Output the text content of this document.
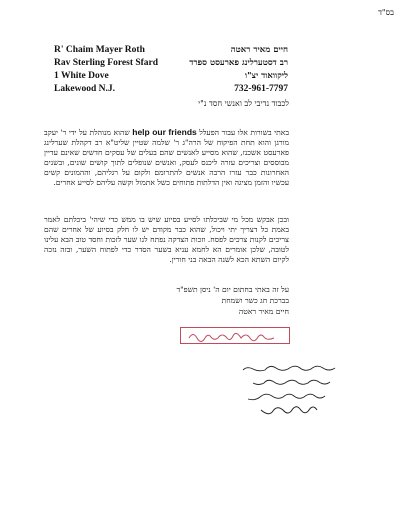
בס"ד
R' Chaim Mayer Roth
Rav Sterling Forest Sfard
1 White Dove
Lakewood N.J.
חיים מאיר ראטה
רב דסטערלינג פארעסט ספרד
ליקוואוד יצ"ו
732-961-7797
לכבוד נדיבי לב ואנשי חסד נ"י
באתי בשורות אלו עבור הפעלל help our friends שהוא מנוהלת על ידי ר' יעקב מורגן והוא תחת הפיקוח של הרה"ג ר' שלמה שטיין שליט"א רב דקהלת שערלינג פארעסט אשכנז, שהוא מסייע לאנשים שהם בעלים של עסקים חדשים שאינם עדיין מבוססים וצריכים עזרה ליכנס לעסק, ואנשים שנופלים לתוך קושים שונים, ובשנים האחרונות כבר עזרו הרבה אנשים להתרומם ולקום על רגליהם, וההמונים קשים עכשיו והזמן מציגה ואין הדלתות פתוחים כשל אתמול וקשה עליהם לסייע אחרים.
ובכן אבקש מכל מי שביכלתו לסייע בסיוע שיש בו ממש כדי שיהי' ביכלתם לאמר באמת כל דצריך יתי ויכול, שהוא כבר מקודם יש לו חלק בסיוע של אחרים שהם צריכים לקנות צרכים לפסח. וזכות הצדקה נפתח לנו שער לזכות וחסד טוב הבא עלינו לטובה, שלכן אומרים הא לחמא עניא בשער הסדר כדי לפתוח השער, ובזה נזכה לקיום השתא הכא לשנה הבאה בני חורין.
על זה באתי בחתום יום ה' ניסן תשפ"ד
בברכת חג כשר ושמחת
חיים מאיר ראטה
